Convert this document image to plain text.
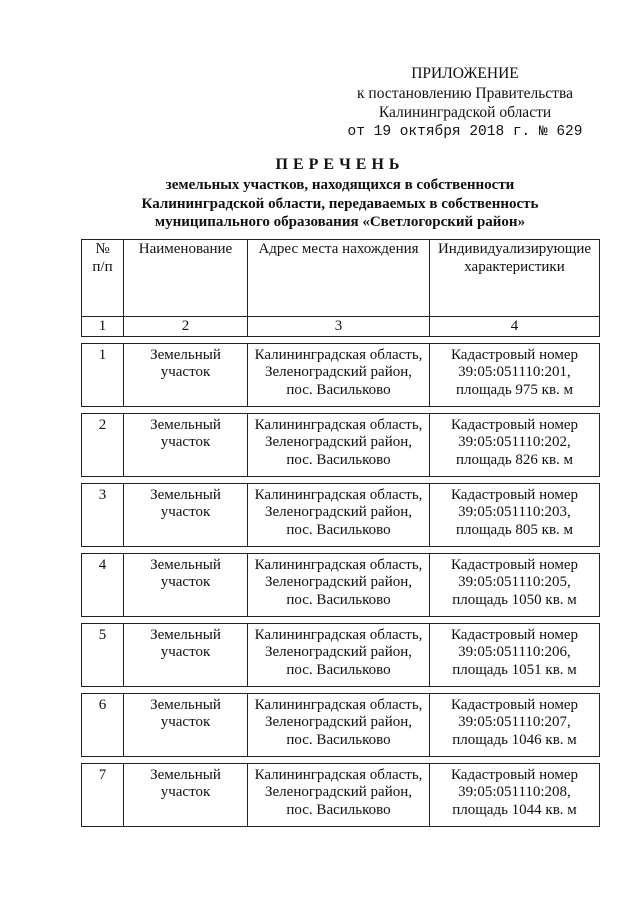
ПРИЛОЖЕНИЕ
к постановлению Правительства
Калининградской области
от 19 октября 2018 г. № 629
ПЕРЕЧЕНЬ
земельных участков, находящихся в собственности
Калининградской области, передаваемых в собственность
муниципального образования «Светлогорский район»
№
п/п	Наименование	Адрес места нахождения	Индивидуализирующие
характеристики

1	2	3	4

1	Земельный
участок	Калининградская область,
Зеленоградский район,
пос. Васильково	Кадастровый номер
39:05:051110:201,
площадь 975 кв. м

2	Земельный
участок	Калининградская область,
Зеленоградский район,
пос. Васильково	Кадастровый номер
39:05:051110:202,
площадь 826 кв. м

3	Земельный
участок	Калининградская область,
Зеленоградский район,
пос. Васильково	Кадастровый номер
39:05:051110:203,
площадь 805 кв. м

4	Земельный
участок	Калининградская область,
Зеленоградский район,
пос. Васильково	Кадастровый номер
39:05:051110:205,
площадь 1050 кв. м

5	Земельный
участок	Калининградская область,
Зеленоградский район,
пос. Васильково	Кадастровый номер
39:05:051110:206,
площадь 1051 кв. м

6	Земельный
участок	Калининградская область,
Зеленоградский район,
пос. Васильково	Кадастровый номер
39:05:051110:207,
площадь 1046 кв. м

7	Земельный
участок	Калининградская область,
Зеленоградский район,
пос. Васильково	Кадастровый номер
39:05:051110:208,
площадь 1044 кв. м
